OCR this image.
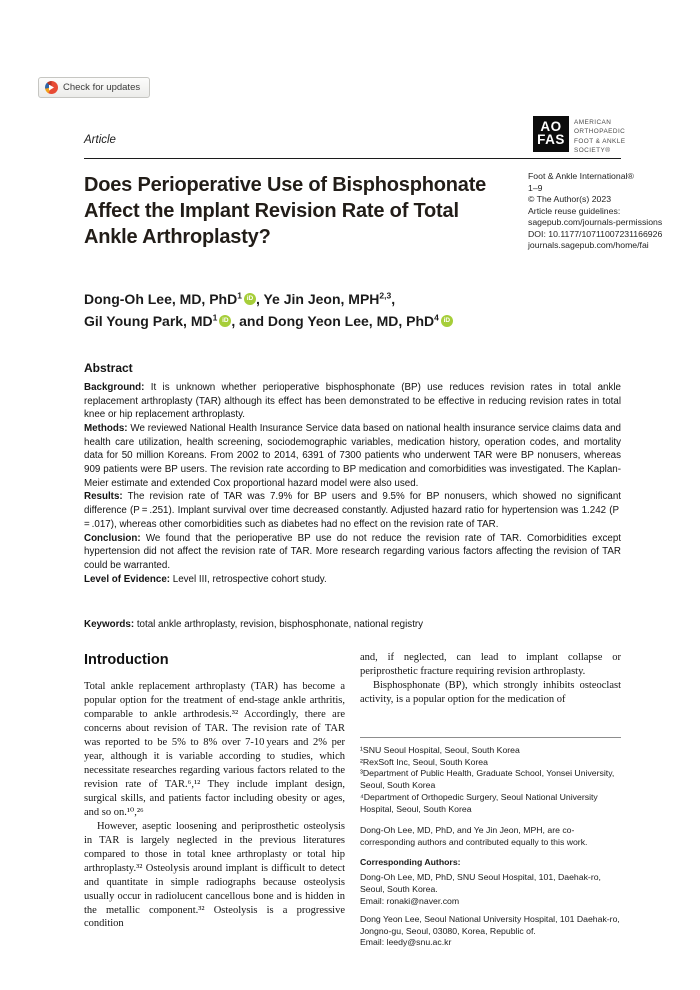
Check for updates
Article
AO
FAS
AMERICAN
ORTHOPAEDIC
FOOT & ANKLE
SOCIETY®
Does Perioperative Use of Bisphosphonate
Affect the Implant Revision Rate of Total
Ankle Arthroplasty?
Foot & Ankle International®
1–9
© The Author(s) 2023
Article reuse guidelines:
sagepub.com/journals-permissions
DOI: 10.1177/10711007231166926
journals.sagepub.com/home/fai
Dong-Oh Lee, MD, PhD$^1$ iD , Ye Jin Jeon, MPH$^{2,3}$,
Gil Young Park, $MD^1$ iD , and Dong Yeon Lee, MD, PhD$^4$ iD
Abstract

Background: It is unknown whether perioperative bisphosphonate (BP) use reduces revision rates in total ankle replacement arthroplasty (TAR) although its effect has been demonstrated to be effective in reducing revision rates in total knee or hip replacement arthroplasty.

Methods: We reviewed National Health Insurance Service data based on national health insurance service claims data and health care utilization, health screening, sociodemographic variables, medication history, operation codes, and mortality data for 50 million Koreans. From 2002 to 2014, 6391 of 7300 patients who underwent TAR were BP nonusers, whereas 909 patients were BP users. The revision rate according to BP medication and comorbidities was investigated. The Kaplan-Meier estimate and extended Cox proportional hazard model were also used.

Results: The revision rate of TAR was 7.9% for BP users and 9.5% for BP nonusers, which showed no significant difference (P = .251). Implant survival over time decreased constantly. Adjusted hazard ratio for hypertension was 1.242 (P = .017), whereas other comorbidities such as diabetes had no effect on the revision rate of TAR.

Conclusion: We found that the perioperative BP use do not reduce the revision rate of TAR. Comorbidities except hypertension did not affect the revision rate of TAR. More research regarding various factors affecting the revision of TAR could be warranted.

Level of Evidence: Level III, retrospective cohort study.

Keywords: total ankle arthroplasty, revision, bisphosphonate, national registry
Introduction

Total ankle replacement arthroplasty (TAR) has become a popular option for the treatment of end-stage ankle arthritis, comparable to ankle arthrodesis.³² Accordingly, there are concerns about revision of TAR. The revision rate of TAR was reported to be 5% to 8% over 7-10 years and 2% per year, although it is variable according to studies, which necessitate researches regarding various factors related to the revision rate of TAR.⁶,¹² They include implant design, surgical skills, and patients factor including obesity or ages, and so on.¹⁰,²⁶

However, aseptic loosening and periprosthetic osteolysis in TAR is largely neglected in the previous literatures compared to those in total knee arthroplasty or total hip arthroplasty.³² Osteolysis around implant is difficult to detect and quantitate in simple radiographs because osteolysis usually occur in radiolucent cancellous bone and is hidden in the metallic component.³² Osteolysis is a progressive condition

and, if neglected, can lead to implant collapse or periprosthetic fracture requiring revision arthroplasty.

Bisphosphonate (BP), which strongly inhibits osteoclast activity, is a popular option for the medication of

¹SNU Seoul Hospital, Seoul, South Korea
²RexSoft Inc, Seoul, South Korea
³Department of Public Health, Graduate School, Yonsei University, Seoul, South Korea
⁴Department of Orthopedic Surgery, Seoul National University Hospital, Seoul, South Korea
Dong-Oh Lee, MD, PhD, and Ye Jin Jeon, MPH, are co-corresponding authors and contributed equally to this work.
Corresponding Authors:
Dong-Oh Lee, MD, PhD, SNU Seoul Hospital, 101, Daehak-ro, Seoul, South Korea.
Email: ronaki@naver.com
Dong Yeon Lee, Seoul National University Hospital, 101 Daehak-ro, Jongno-gu, Seoul, 03080, Korea, Republic of.
Email: leedy@snu.ac.kr
